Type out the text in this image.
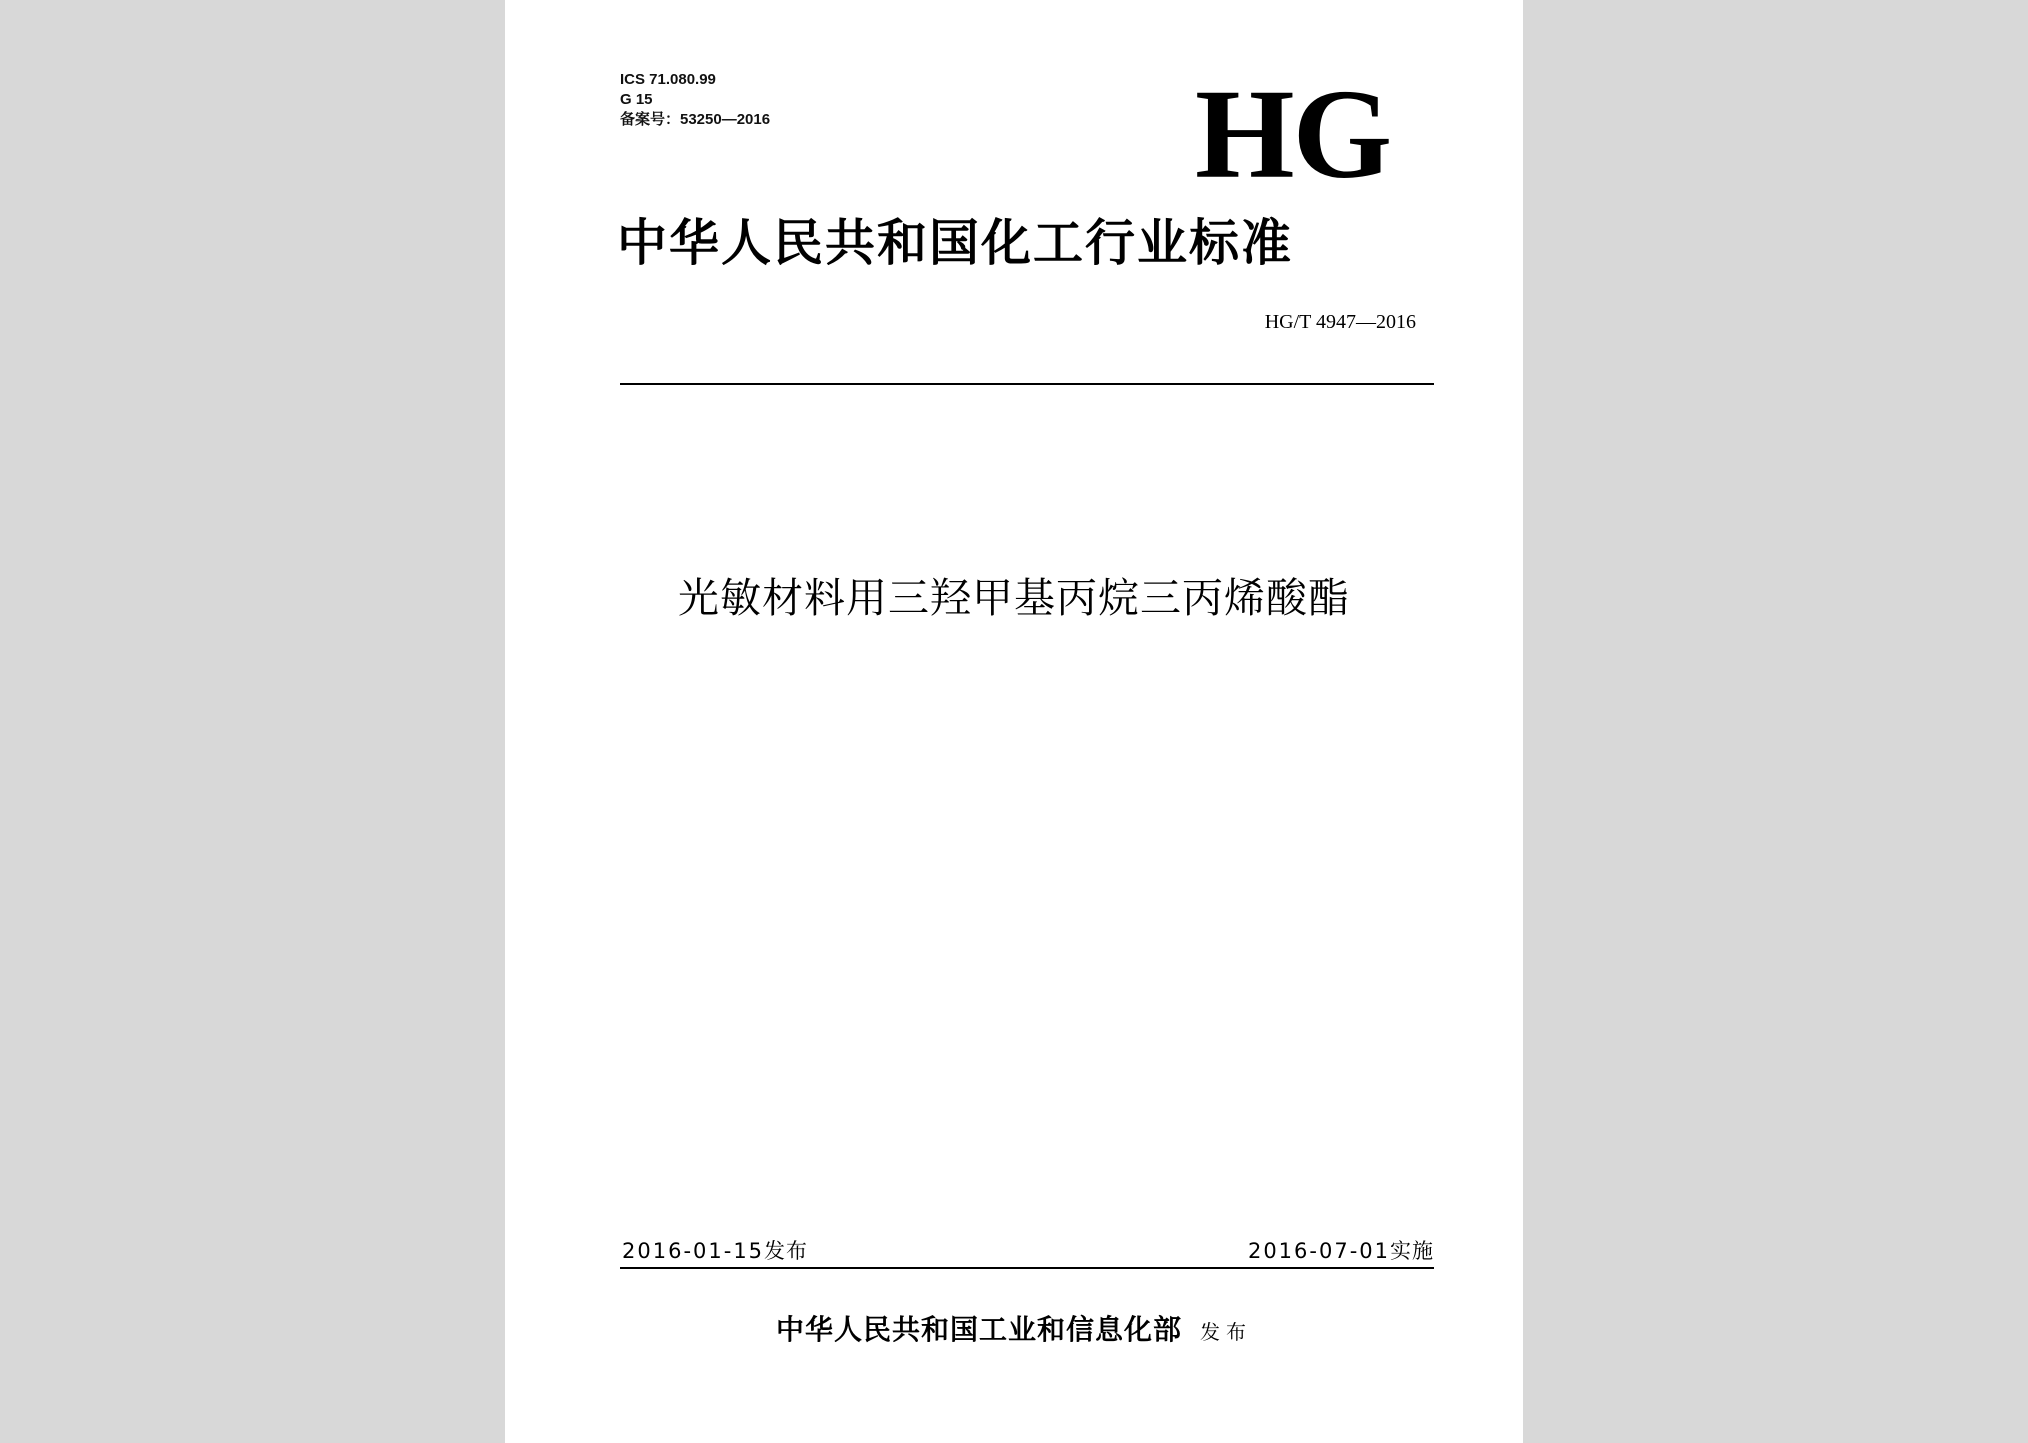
ICS 71.080.99
G 15
备案号：53250—2016	HG
中华人民共和国化工行业标准
HG/T 4947—2016
光敏材料用三羟甲基丙烷三丙烯酸酯
2016-01-15发布	2016-07-01实施
中华人民共和国工业和信息化部 发布
